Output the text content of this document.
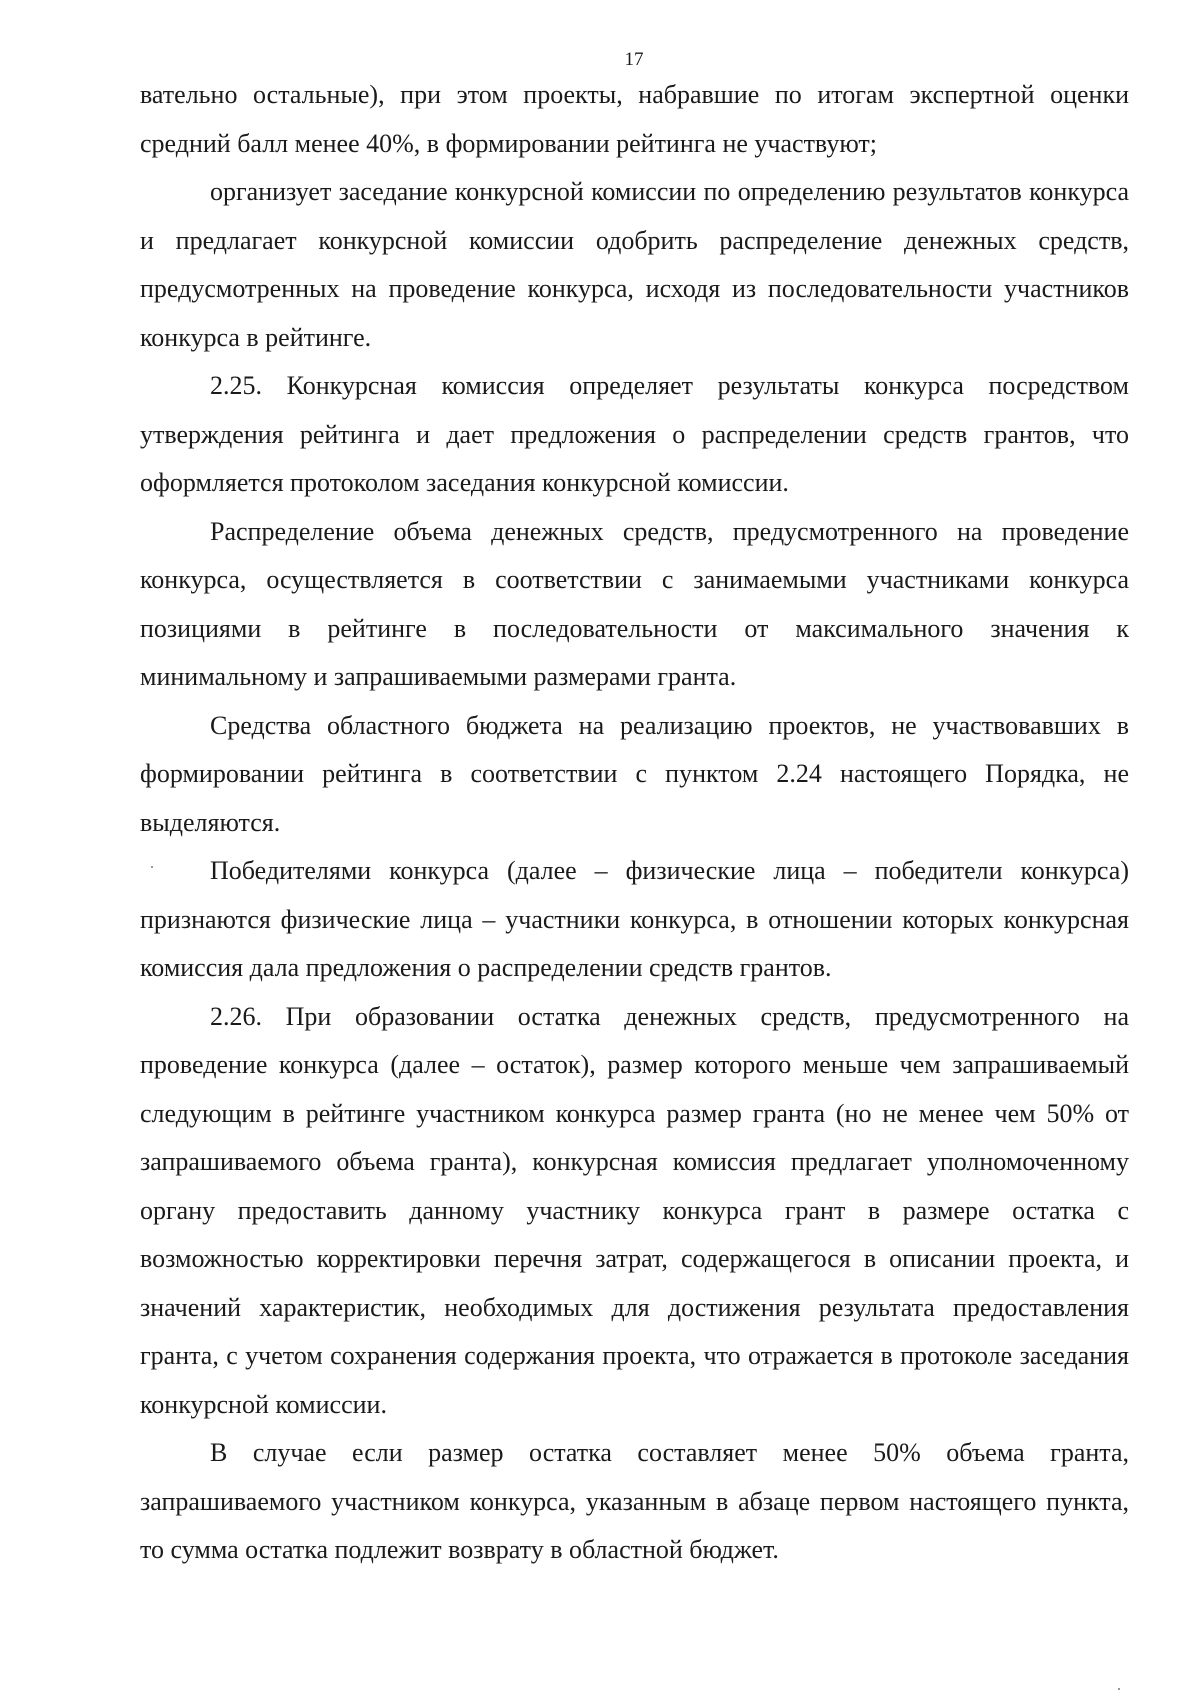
17

вательно остальные), при этом проекты, набравшие по итогам экспертной оценки средний балл менее 40%, в формировании рейтинга не участвуют;

организует заседание конкурсной комиссии по определению результатов конкурса и предлагает конкурсной комиссии одобрить распределение денежных средств, предусмотренных на проведение конкурса, исходя из последовательности участников конкурса в рейтинге.

2.25. Конкурсная комиссия определяет результаты конкурса посредством утверждения рейтинга и дает предложения о распределении средств грантов, что оформляется протоколом заседания конкурсной комиссии.

Распределение объема денежных средств, предусмотренного на проведение конкурса, осуществляется в соответствии с занимаемыми участниками конкурса позициями в рейтинге в последовательности от максимального значения к минимальному и запрашиваемыми размерами гранта.

Средства областного бюджета на реализацию проектов, не участвовавших в формировании рейтинга в соответствии с пунктом 2.24 настоящего Порядка, не выделяются.

Победителями конкурса (далее – физические лица – победители конкурса) признаются физические лица – участники конкурса, в отношении которых конкурсная комиссия дала предложения о распределении средств грантов.

2.26. При образовании остатка денежных средств, предусмотренного на проведение конкурса (далее – остаток), размер которого меньше чем запрашиваемый следующим в рейтинге участником конкурса размер гранта (но не менее чем 50% от запрашиваемого объема гранта), конкурсная комиссия предлагает уполномоченному органу предоставить данному участнику конкурса грант в размере остатка с возможностью корректировки перечня затрат, содержащегося в описании проекта, и значений характеристик, необходимых для достижения результата предоставления гранта, с учетом сохранения содержания проекта, что отражается в протоколе заседания конкурсной комиссии.

В случае если размер остатка составляет менее 50% объема гранта, запрашиваемого участником конкурса, указанным в абзаце первом настоящего пункта, то сумма остатка подлежит возврату в областной бюджет.
